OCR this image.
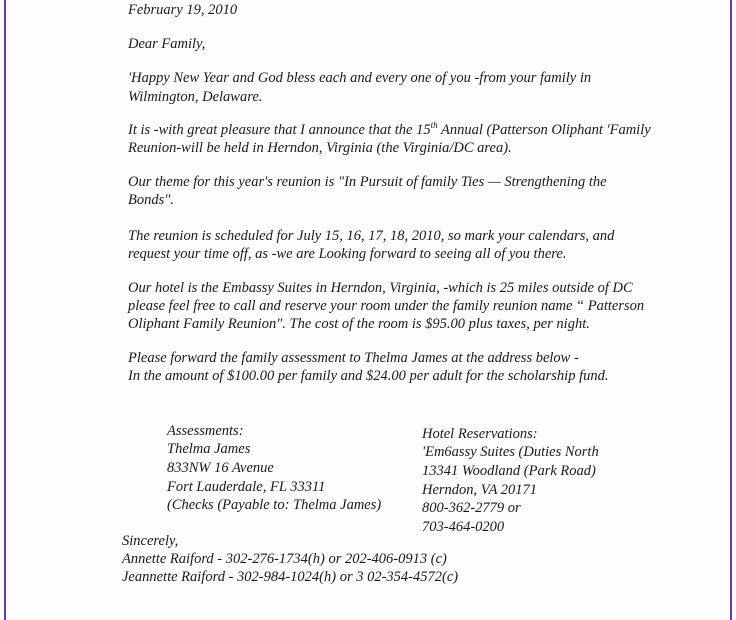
February 19, 2010
Dear Family,
'Happy New Year and God bless each and every one of you -from your family in
Wilmington, Delaware.
It is -with great pleasure that I announce that the 15th Annual (Patterson Oliphant 'Family
Reunion-will be held in Herndon, Virginia (the Virginia/DC area).
Our theme for this year's reunion is "In Pursuit of family Ties — Strengthening the
Bonds".
The reunion is scheduled for July 15, 16, 17, 18, 2010, so mark your calendars, and
request your time off, as -we are Looking forward to seeing all of you there.
Our hotel is the Embassy Suites in Herndon, Virginia, -which is 25 miles outside of DC
please feel free to call and reserve your room under the family reunion name “ Patterson
Oliphant Family Reunion". The cost of the room is $95.00 plus taxes, per night.
Please forward the family assessment to Thelma James at the address below -
In the amount of $100.00 per family and $24.00 per adult for the scholarship fund.
Assessments:
Thelma James
833NW 16 Avenue
Fort Lauderdale, FL 33311
(Checks (Payable to: Thelma James)
Hotel Reservations:
'Em6assy Suites (Duties North
13341 Woodland (Park Road)
Herndon, VA 20171
800-362-2779 or
703-464-0200
Sincerely,
Annette Raiford - 302-276-1734(h) or 202-406-0913 (c)
Jeannette Raiford - 302-984-1024(h) or 3 02-354-4572(c)
